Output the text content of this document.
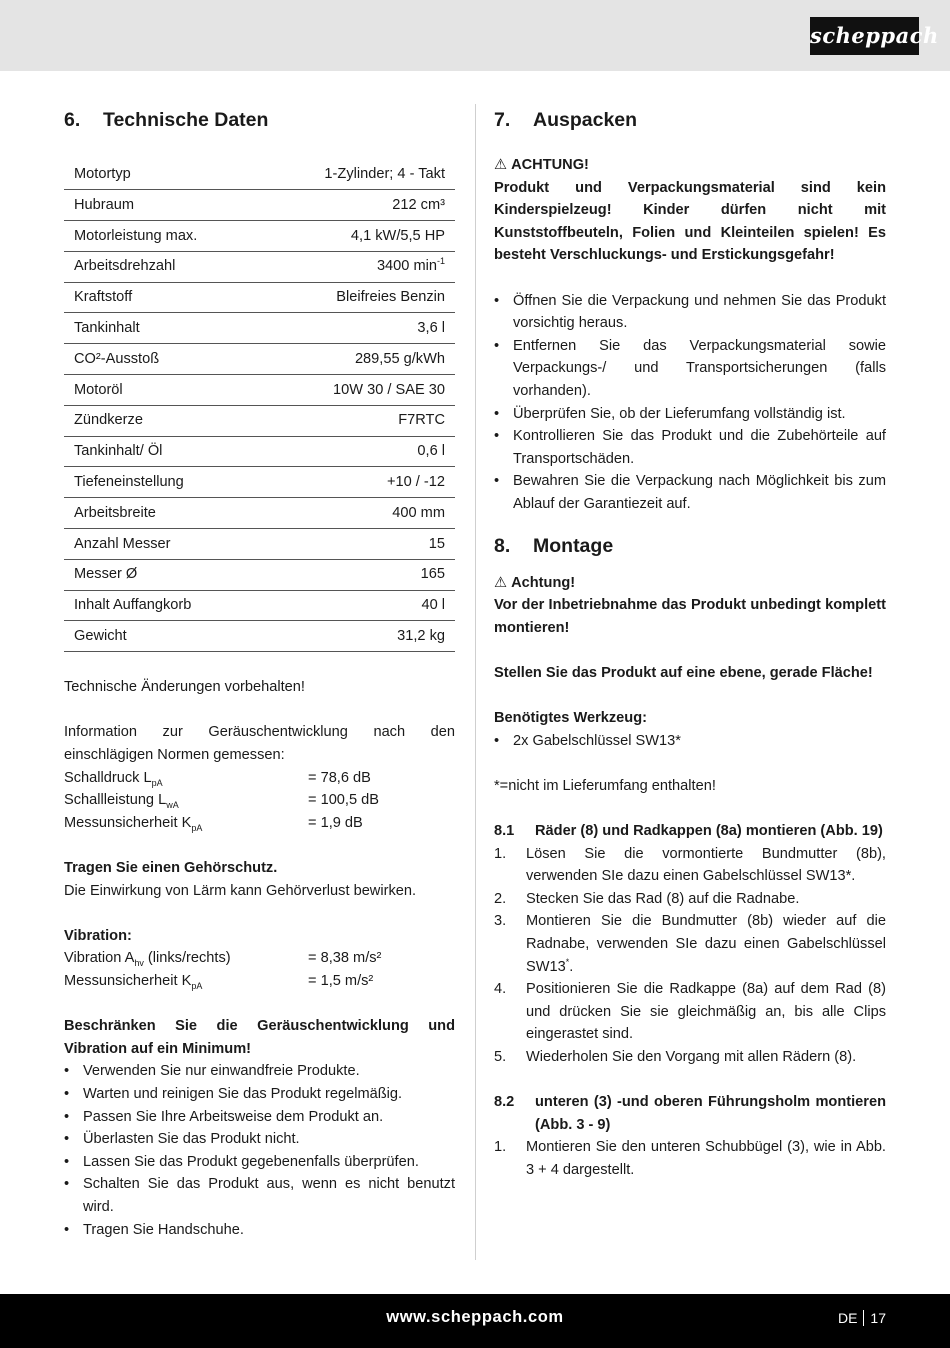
scheppach
6.	Technische Daten
Motortyp	1-Zylinder; 4 - Takt
Hubraum	212 cm³
Motorleistung max.	4,1 kW/5,5 HP
Arbeitsdrehzahl	3400 $\min^{-1}$
Kraftstoff	Bleifreies Benzin
Tankinhalt	3,6 l
CO²-Ausstoß	289,55 g/kWh
Motoröl	10W 30 / SAE 30
Zündkerze	F7RTC
Tankinhalt/ Öl	0,6 l
Tiefeneinstellung	+10 / -12
Arbeitsbreite	400 mm
Anzahl Messer	15
Messer Ø	165
Inhalt Auffangkorb	40 l
Gewicht	31,2 kg

Technische Änderungen vorbehalten!

Information zur Geräuschentwicklung nach den einschlägigen Normen gemessen:

Schalldruck $L_{pA}$	= 78,6 dB
Schallleistung $L_{wA}$	= 100,5 dB
Messunsicherheit $K_{pA}$	= 1,9 dB

Tragen Sie einen Gehörschutz.

Die Einwirkung von Lärm kann Gehörverlust bewirken.

Vibration:

Vibration $A_{hv}$ (links/rechts)	= 8,38 m/s²
Messunsicherheit $K_{pA}$	= 1,5 m/s²

Beschränken Sie die Geräuschentwicklung und Vibration auf ein Minimum!

• Verwenden Sie nur einwandfreie Produkte.
• Warten und reinigen Sie das Produkt regelmäßig.
• Passen Sie Ihre Arbeitsweise dem Produkt an.
• Überlasten Sie das Produkt nicht.
• Lassen Sie das Produkt gegebenenfalls überprüfen.
• Schalten Sie das Produkt aus, wenn es nicht benutzt wird.
• Tragen Sie Handschuhe.
7.	Auspacken

⚠ ACHTUNG!

Produkt und Verpackungsmaterial sind kein Kinderspielzeug! Kinder dürfen nicht mit Kunststoffbeuteln, Folien und Kleinteilen spielen! Es besteht Verschluckungs- und Erstickungsgefahr!

• Öffnen Sie die Verpackung und nehmen Sie das Produkt vorsichtig heraus.
• Entfernen Sie das Verpackungsmaterial sowie Verpackungs-/ und Transportsicherungen (falls vorhanden).
• Überprüfen Sie, ob der Lieferumfang vollständig ist.
• Kontrollieren Sie das Produkt und die Zubehörteile auf Transportschäden.
• Bewahren Sie die Verpackung nach Möglichkeit bis zum Ablauf der Garantiezeit auf.
8.	Montage

⚠ Achtung!

Vor der Inbetriebnahme das Produkt unbedingt komplett montieren!

Stellen Sie das Produkt auf eine ebene, gerade Fläche!

Benötigtes Werkzeug:

• 2x Gabelschlüssel SW13*

*=nicht im Lieferumfang enthalten!

8.1	Räder (8) und Radkappen (8a) montieren (Abb. 19)
1.	Lösen Sie die vormontierte Bundmutter (8b), verwenden SIe dazu einen Gabelschlüssel SW13*.
2.	Stecken Sie das Rad (8) auf die Radnabe.
3.	Montieren Sie die Bundmutter (8b) wieder auf die Radnabe, verwenden SIe dazu einen Gabelschlüssel SW13*.
4.	Positionieren Sie die Radkappe (8a) auf dem Rad (8) und drücken Sie sie gleichmäßig an, bis alle Clips eingerastet sind.
5.	Wiederholen Sie den Vorgang mit allen Rädern (8).
8.2	unteren (3) -und oberen Führungsholm montieren (Abb. 3 - 9)
1.	Montieren Sie den unteren Schubbügel (3), wie in Abb. 3 + 4 dargestellt.
www.scheppach.com	DE 17
